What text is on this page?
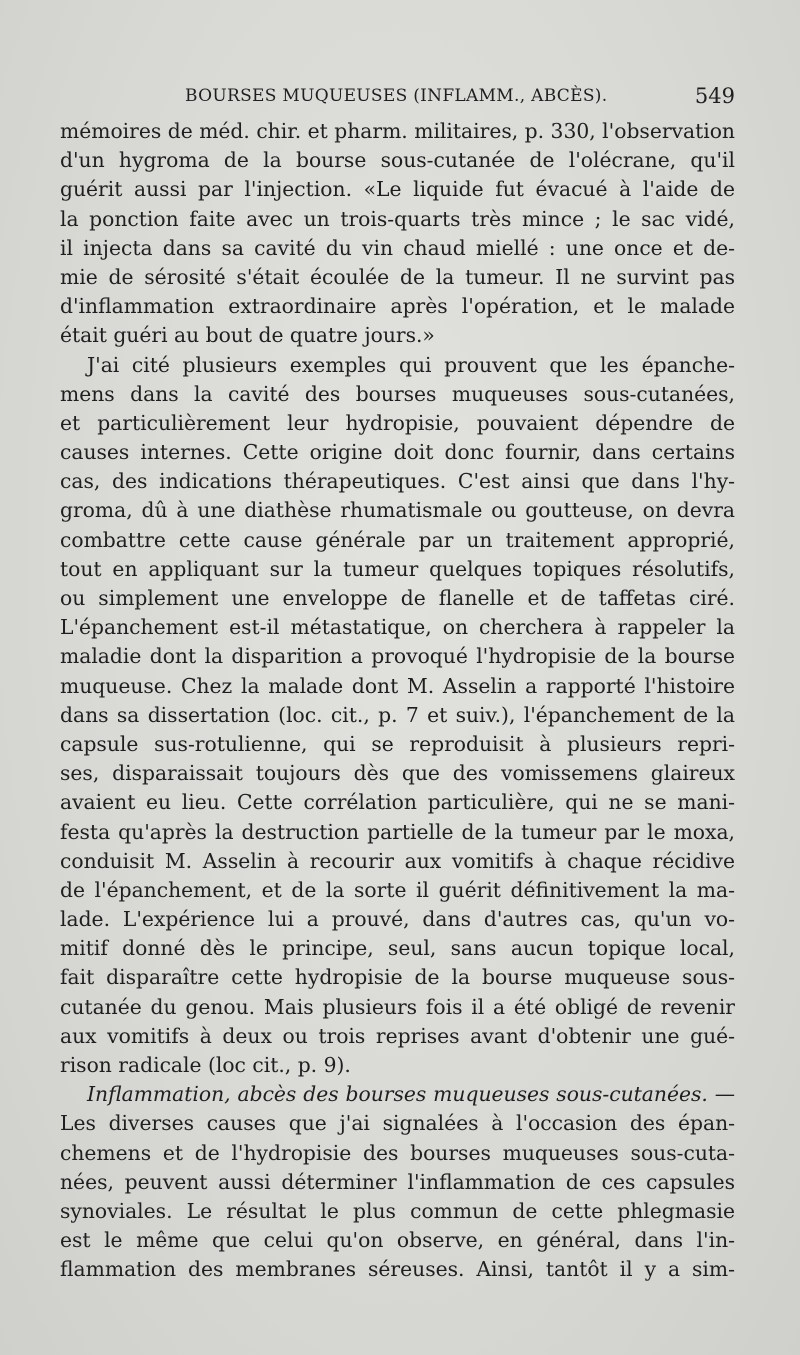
BOURSES MUQUEUSES (INFLAMM., ABCÈS).	549
mémoires de méd. chir. et pharm. militaires, p. 330, l'observation
d'un hygroma de la bourse sous-cutanée de l'olécrane, qu'il
guérit aussi par l'injection. «Le liquide fut évacué à l'aide de
la ponction faite avec un trois-quarts très mince ; le sac vidé,
il injecta dans sa cavité du vin chaud miellé : une once et de-
mie de sérosité s'était écoulée de la tumeur. Il ne survint pas
d'inflammation extraordinaire après l'opération, et le malade
était guéri au bout de quatre jours.»
J'ai cité plusieurs exemples qui prouvent que les épanche-
mens dans la cavité des bourses muqueuses sous-cutanées,
et particulièrement leur hydropisie, pouvaient dépendre de
causes internes. Cette origine doit donc fournir, dans certains
cas, des indications thérapeutiques. C'est ainsi que dans l'hy-
groma, dû à une diathèse rhumatismale ou goutteuse, on devra
combattre cette cause générale par un traitement approprié,
tout en appliquant sur la tumeur quelques topiques résolutifs,
ou simplement une enveloppe de flanelle et de taffetas ciré.
L'épanchement est-il métastatique, on cherchera à rappeler la
maladie dont la disparition a provoqué l'hydropisie de la bourse
muqueuse. Chez la malade dont M. Asselin a rapporté l'histoire
dans sa dissertation (loc. cit., p. 7 et suiv.), l'épanchement de la
capsule sus-rotulienne, qui se reproduisit à plusieurs repri-
ses, disparaissait toujours dès que des vomissemens glaireux
avaient eu lieu. Cette corrélation particulière, qui ne se mani-
festa qu'après la destruction partielle de la tumeur par le moxa,
conduisit M. Asselin à recourir aux vomitifs à chaque récidive
de l'épanchement, et de la sorte il guérit définitivement la ma-
lade. L'expérience lui a prouvé, dans d'autres cas, qu'un vo-
mitif donné dès le principe, seul, sans aucun topique local,
fait disparaître cette hydropisie de la bourse muqueuse sous-
cutanée du genou. Mais plusieurs fois il a été obligé de revenir
aux vomitifs à deux ou trois reprises avant d'obtenir une gué-
rison radicale (loc cit., p. 9).
Inflammation, abcès des bourses muqueuses sous-cutanées. —
Les diverses causes que j'ai signalées à l'occasion des épan-
chemens et de l'hydropisie des bourses muqueuses sous-cuta-
nées, peuvent aussi déterminer l'inflammation de ces capsules
synoviales. Le résultat le plus commun de cette phlegmasie
est le même que celui qu'on observe, en général, dans l'in-
flammation des membranes séreuses. Ainsi, tantôt il y a sim-
